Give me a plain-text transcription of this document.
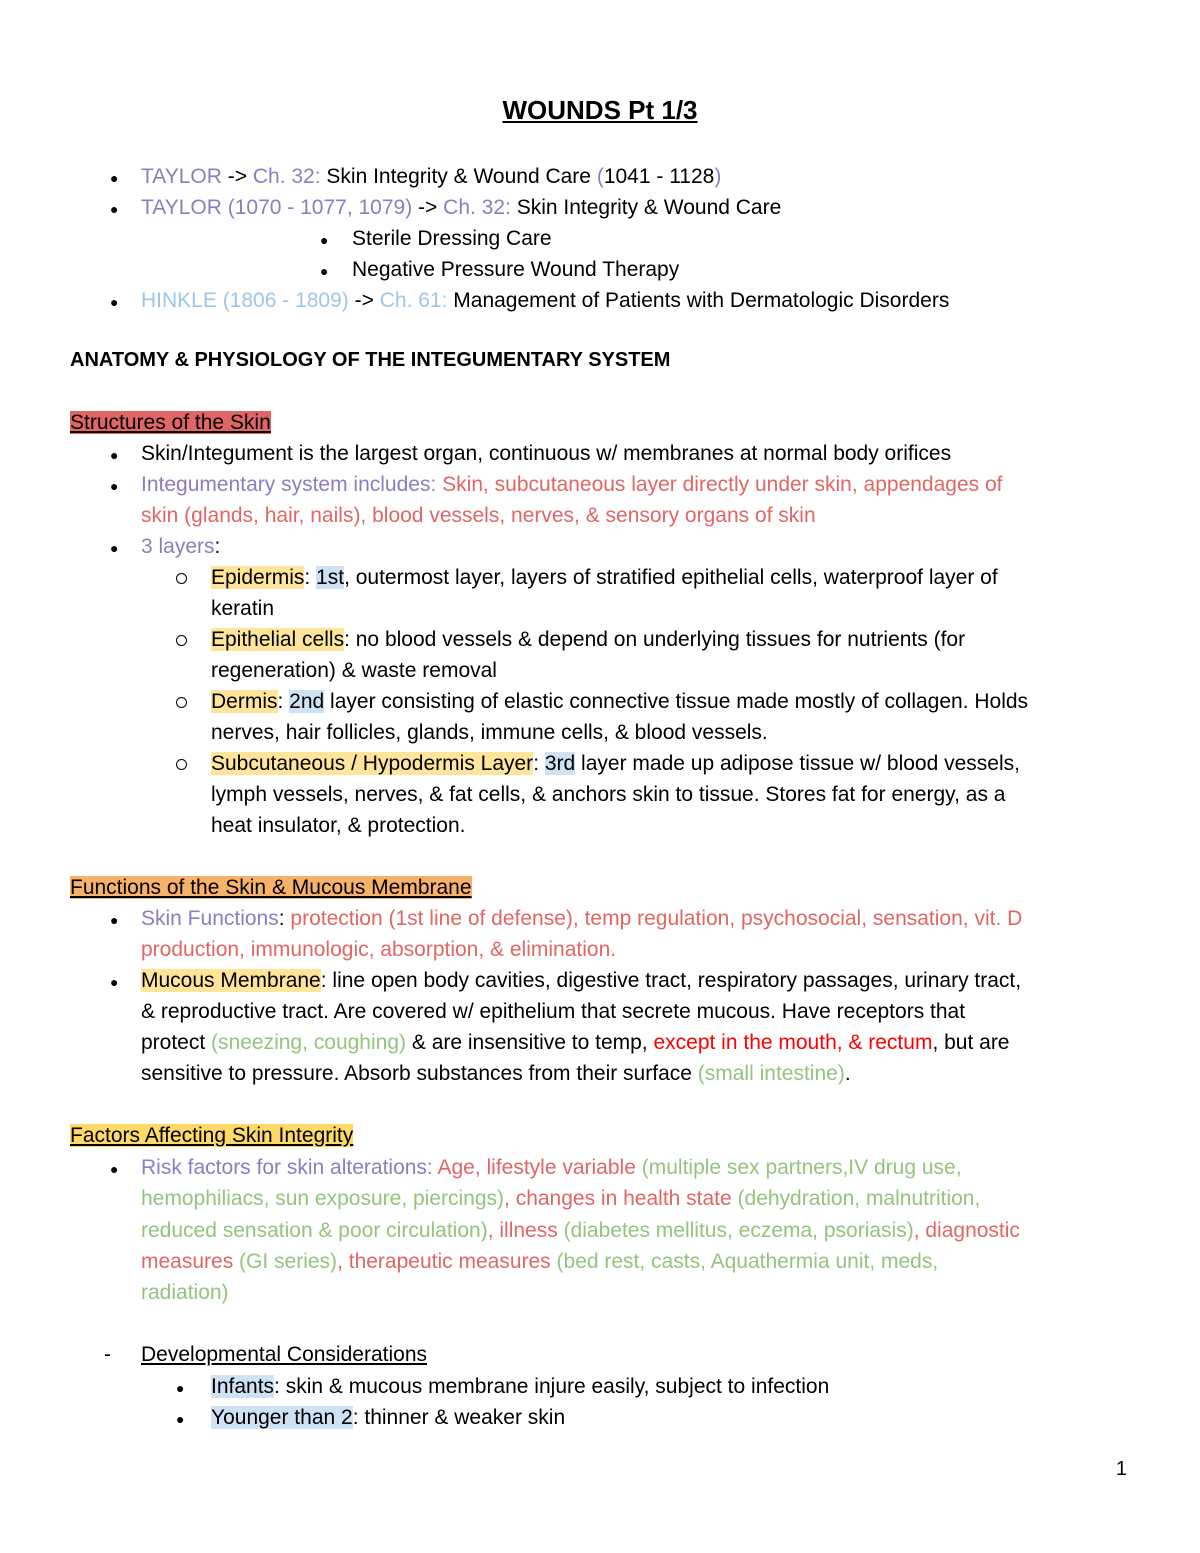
WOUNDS Pt 1/3
● TAYLOR -> Ch. 32: Skin Integrity & Wound Care (1041 - 1128)
● TAYLOR (1070 - 1077, 1079) -> Ch. 32: Skin Integrity & Wound Care
● Sterile Dressing Care
● Negative Pressure Wound Therapy
● HINKLE (1806 - 1809) -> Ch. 61: Management of Patients with Dermatologic Disorders
ANATOMY & PHYSIOLOGY OF THE INTEGUMENTARY SYSTEM
Structures of the Skin
● Skin/Integument is the largest organ, continuous w/ membranes at normal body orifices
● Integumentary system includes: Skin, subcutaneous layer directly under skin, appendages of
skin (glands, hair, nails), blood vessels, nerves, & sensory organs of skin
● 3 layers:
Epidermis: 1st, outermost layer, layers of stratified epithelial cells, waterproof layer of
keratin
Epithelial cells: no blood vessels & depend on underlying tissues for nutrients (for
regeneration) & waste removal
Dermis: 2nd layer consisting of elastic connective tissue made mostly of collagen. Holds
nerves, hair follicles, glands, immune cells, & blood vessels.
Subcutaneous / Hypodermis Layer: 3rd layer made up adipose tissue w/ blood vessels,
lymph vessels, nerves, & fat cells, & anchors skin to tissue. Stores fat for energy, as a
heat insulator, & protection.
Functions of the Skin & Mucous Membrane
● Skin Functions: protection (1st line of defense), temp regulation, psychosocial, sensation, vit. D
production, immunologic, absorption, & elimination.
● Mucous Membrane: line open body cavities, digestive tract, respiratory passages, urinary tract,
& reproductive tract. Are covered w/ epithelium that secrete mucous. Have receptors that
protect (sneezing, coughing) & are insensitive to temp, except in the mouth, & rectum, but are
sensitive to pressure. Absorb substances from their surface (small intestine).
Factors Affecting Skin Integrity
● Risk factors for skin alterations: Age, lifestyle variable (multiple sex partners,IV drug use,
hemophiliacs, sun exposure, piercings), changes in health state (dehydration, malnutrition,
reduced sensation & poor circulation), illness (diabetes mellitus, eczema, psoriasis), diagnostic
measures (GI series), therapeutic measures (bed rest, casts, Aquathermia unit, meds,
radiation)
- Developmental Considerations
● Infants: skin & mucous membrane injure easily, subject to infection
● Younger than 2: thinner & weaker skin
1
